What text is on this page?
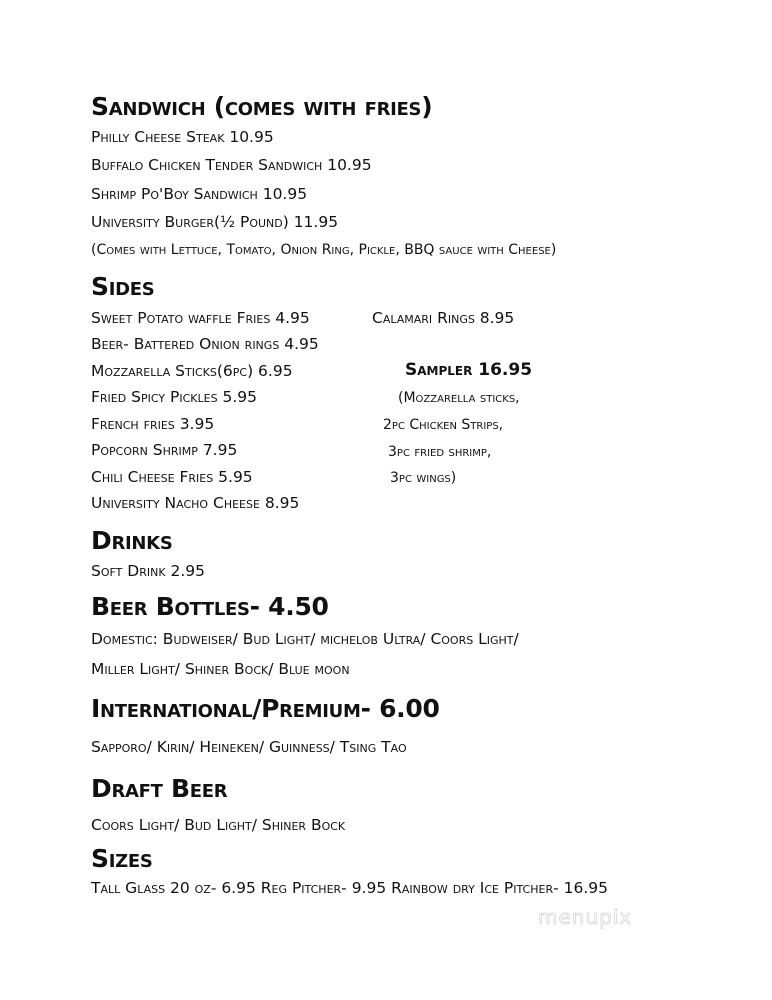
Sandwich (comes with fries)

Philly Cheese Steak 10.95

Buffalo Chicken Tender Sandwich 10.95

Shrimp Po'Boy Sandwich 10.95

University Burger(½ Pound) 11.95

(Comes with Lettuce, Tomato, Onion Ring, Pickle, BBQ sauce with Cheese)

Sides

Sweet Potato waffle Fries 4.95	Calamari Rings 8.95

Beer- Battered Onion rings 4.95

Mozzarella Sticks(6pc) 6.95

Fried Spicy Pickles 5.95

French fries 3.95

Popcorn Shrimp 7.95

Chili Cheese Fries 5.95

University Nacho Cheese 8.95

Sampler 16.95

(Mozzarella sticks,

2pc Chicken Strips,

3pc fried shrimp,

3pc wings)

Drinks

Soft Drink 2.95

Beer Bottles- 4.50

Domestic: Budweiser/ Bud Light/ michelob Ultra/ Coors Light/

Miller Light/ Shiner Bock/ Blue moon

International/Premium- 6.00

Sapporo/ Kirin/ Heineken/ Guinness/ Tsing Tao

Draft Beer

Coors Light/ Bud Light/ Shiner Bock

Sizes

Tall Glass 20 oz- 6.95 Reg Pitcher- 9.95 Rainbow dry Ice Pitcher- 16.95

menupix
